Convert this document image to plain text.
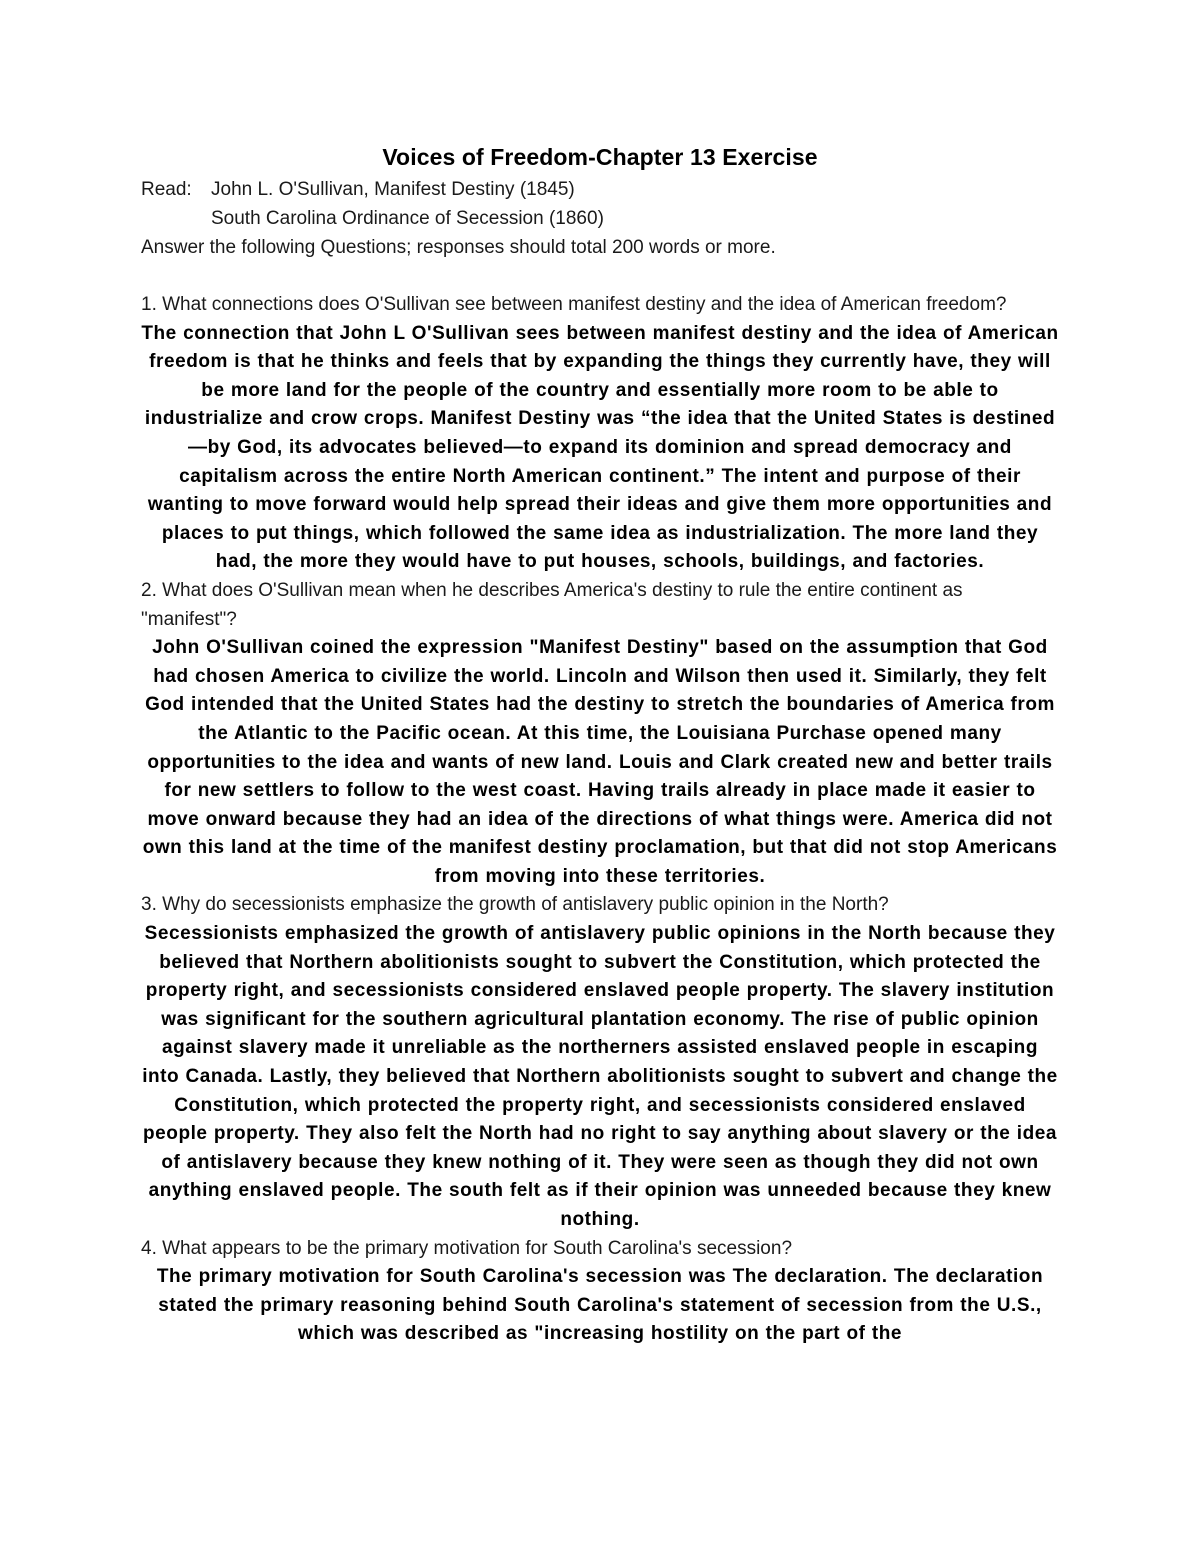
Voices of Freedom-Chapter 13 Exercise
Read:	John L. O'Sullivan, Manifest Destiny (1845)
South Carolina Ordinance of Secession (1860)
Answer the following Questions; responses should total 200 words or more.
1. What connections does O'Sullivan see between manifest destiny and the idea of American freedom?
The connection that John L O'Sullivan sees between manifest destiny and the idea of American freedom is that he thinks and feels that by expanding the things they currently have, they will be more land for the people of the country and essentially more room to be able to industrialize and crow crops. Manifest Destiny was “the idea that the United States is destined—by God, its advocates believed—to expand its dominion and spread democracy and capitalism across the entire North American continent.” The intent and purpose of their wanting to move forward would help spread their ideas and give them more opportunities and places to put things, which followed the same idea as industrialization. The more land they had, the more they would have to put houses, schools, buildings, and factories.
2. What does O'Sullivan mean when he describes America's destiny to rule the entire continent as "manifest"?
John O'Sullivan coined the expression "Manifest Destiny" based on the assumption that God had chosen America to civilize the world. Lincoln and Wilson then used it. Similarly, they felt God intended that the United States had the destiny to stretch the boundaries of America from the Atlantic to the Pacific ocean. At this time, the Louisiana Purchase opened many opportunities to the idea and wants of new land. Louis and Clark created new and better trails for new settlers to follow to the west coast. Having trails already in place made it easier to move onward because they had an idea of the directions of what things were. America did not own this land at the time of the manifest destiny proclamation, but that did not stop Americans from moving into these territories.
3. Why do secessionists emphasize the growth of antislavery public opinion in the North?
Secessionists emphasized the growth of antislavery public opinions in the North because they believed that Northern abolitionists sought to subvert the Constitution, which protected the property right, and secessionists considered enslaved people property. The slavery institution was significant for the southern agricultural plantation economy. The rise of public opinion against slavery made it unreliable as the northerners assisted enslaved people in escaping into Canada. Lastly, they believed that Northern abolitionists sought to subvert and change the Constitution, which protected the property right, and secessionists considered enslaved people property. They also felt the North had no right to say anything about slavery or the idea of antislavery because they knew nothing of it. They were seen as though they did not own anything enslaved people. The south felt as if their opinion was unneeded because they knew nothing.
4. What appears to be the primary motivation for South Carolina's secession?
The primary motivation for South Carolina's secession was The declaration. The declaration stated the primary reasoning behind South Carolina's statement of secession from the U.S., which was described as "increasing hostility on the part of the
